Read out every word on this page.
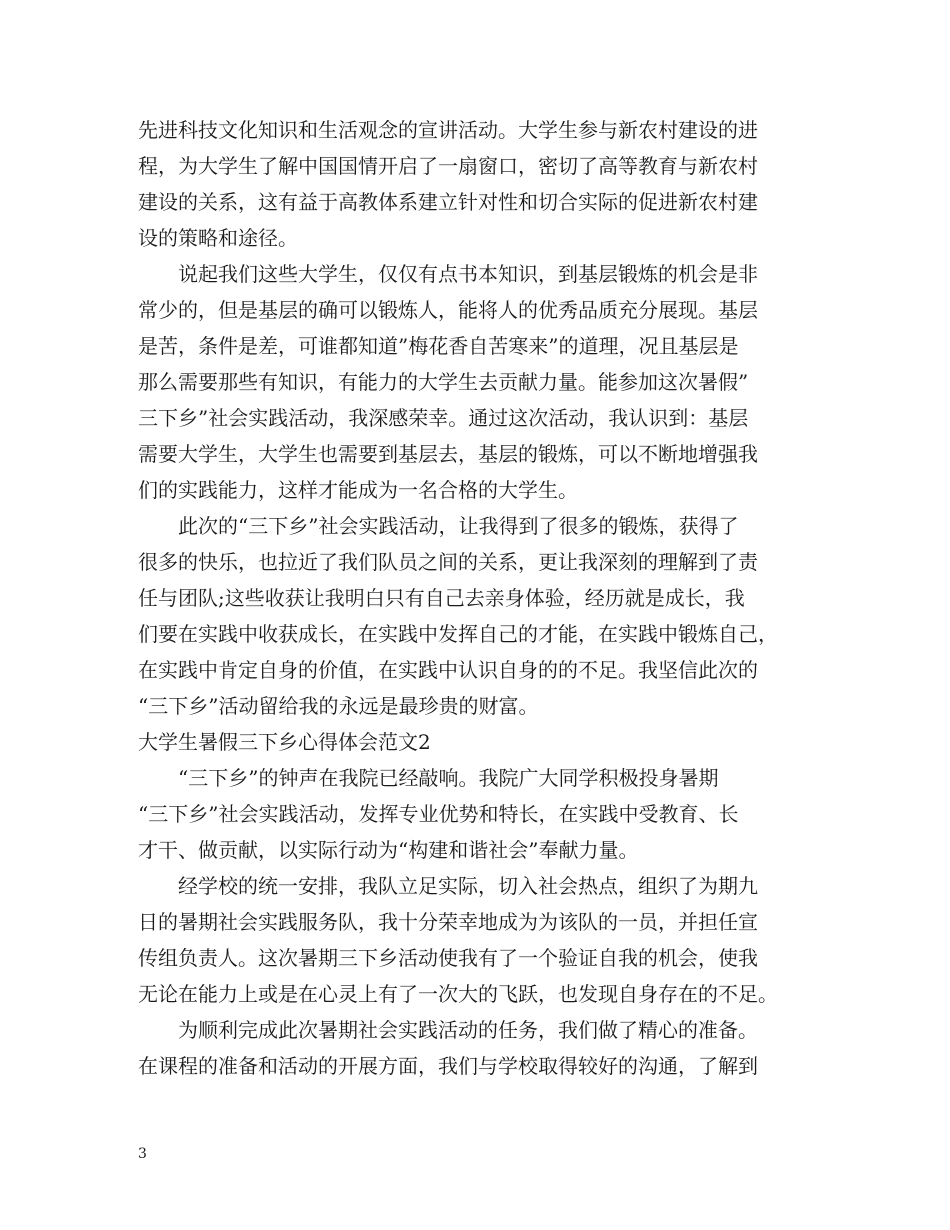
先进科技文化知识和生活观念的宣讲活动。大学生参与新农村建设的进
程，为大学生了解中国国情开启了一扇窗口，密切了高等教育与新农村
建设的关系，这有益于高教体系建立针对性和切合实际的促进新农村建
设的策略和途径。
说起我们这些大学生，仅仅有点书本知识，到基层锻炼的机会是非
常少的，但是基层的确可以锻炼人，能将人的优秀品质充分展现。基层
是苦，条件是差，可谁都知道”梅花香自苦寒来”的道理，况且基层是
那么需要那些有知识，有能力的大学生去贡献力量。能参加这次暑假”
三下乡”社会实践活动，我深感荣幸。通过这次活动，我认识到：基层
需要大学生，大学生也需要到基层去，基层的锻炼，可以不断地增强我
们的实践能力，这样才能成为一名合格的大学生。
此次的“三下乡”社会实践活动，让我得到了很多的锻炼，获得了
很多的快乐，也拉近了我们队员之间的关系，更让我深刻的理解到了责
任与团队;这些收获让我明白只有自己去亲身体验，经历就是成长，我
们要在实践中收获成长，在实践中发挥自己的才能，在实践中锻炼自己，
在实践中肯定自身的价值，在实践中认识自身的的不足。我坚信此次的
“三下乡”活动留给我的永远是最珍贵的财富。
大学生暑假三下乡心得体会范文2
“三下乡”的钟声在我院已经敲响。我院广大同学积极投身暑期
“三下乡”社会实践活动，发挥专业优势和特长，在实践中受教育、长
才干、做贡献，以实际行动为“构建和谐社会”奉献力量。
经学校的统一安排，我队立足实际，切入社会热点，组织了为期九
日的暑期社会实践服务队，我十分荣幸地成为为该队的一员，并担任宣
传组负责人。这次暑期三下乡活动使我有了一个验证自我的机会，使我
无论在能力上或是在心灵上有了一次大的飞跃，也发现自身存在的不足。
为顺利完成此次暑期社会实践活动的任务，我们做了精心的准备。
在课程的准备和活动的开展方面，我们与学校取得较好的沟通，了解到
3
